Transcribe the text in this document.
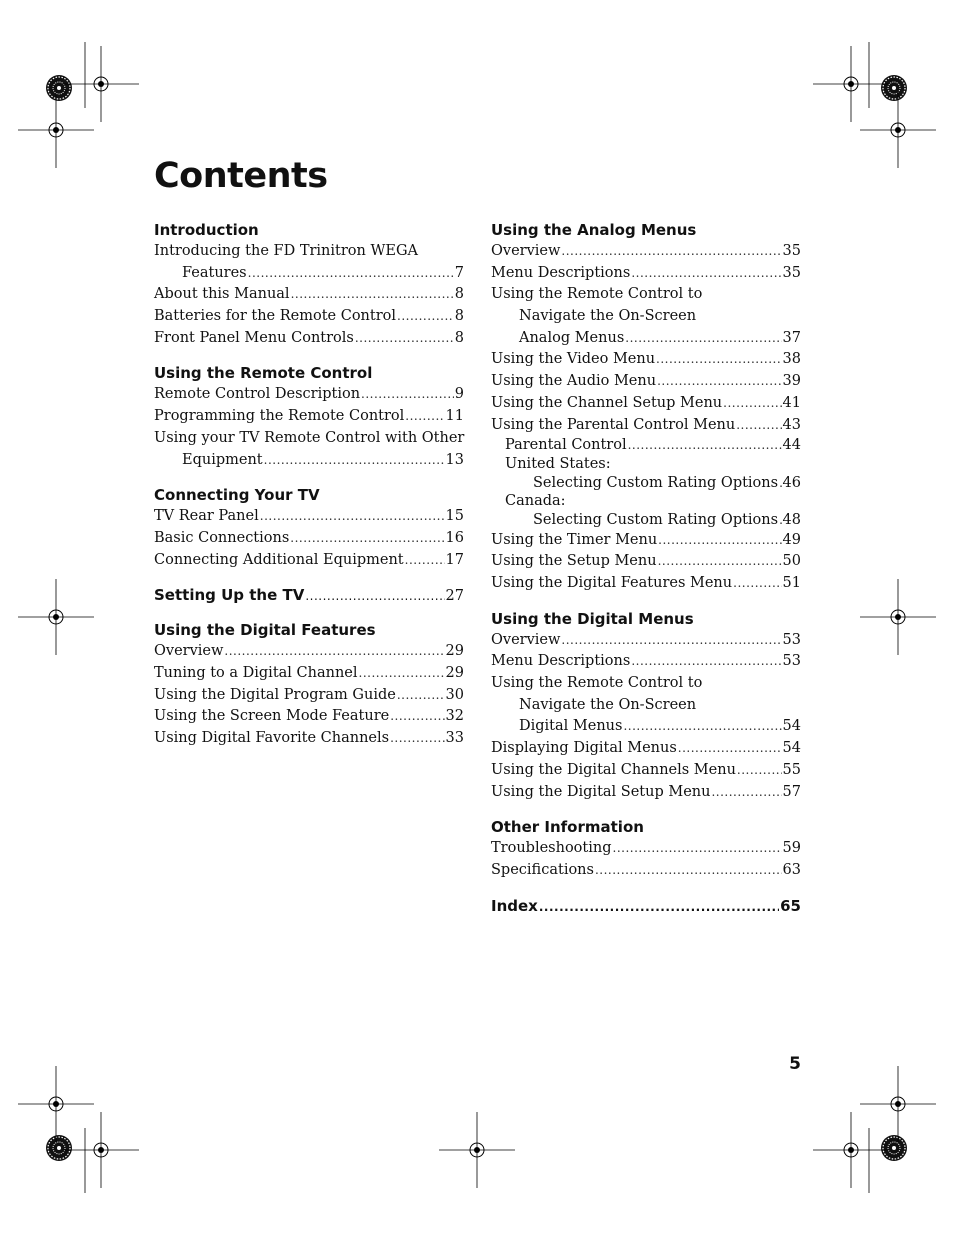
Contents
Introduction
Introducing the FD Trinitron WEGA
Features .....	7
About this Manual .....	8
Batteries for the Remote Control .....	8
Front Panel Menu Controls .....	8
Using the Remote Control
Remote Control Description .....	9
Programming the Remote Control .....	11
Using your TV Remote Control with Other
Equipment .....	13
Connecting Your TV
TV Rear Panel .....	15
Basic Connections .....	16
Connecting Additional Equipment .....	17
Setting Up the TV .....	27
Using the Digital Features
Overview .....	29
Tuning to a Digital Channel .....	29
Using the Digital Program Guide .....	30
Using the Screen Mode Feature .....	32
Using Digital Favorite Channels .....	33
Using the Analog Menus
Overview .....	35
Menu Descriptions .....	35
Using the Remote Control to
Navigate the On-Screen
Analog Menus .....	37
Using the Video Menu .....	38
Using the Audio Menu .....	39
Using the Channel Setup Menu .....	41
Using the Parental Control Menu .....	43
Parental Control .....	44
United States:
Selecting Custom Rating Options ..... 46
Canada:
Selecting Custom Rating Options ..... 48
Using the Timer Menu .....	49
Using the Setup Menu .....	50
Using the Digital Features Menu .....	51
Using the Digital Menus
Overview .....	53
Menu Descriptions .....	53
Using the Remote Control to
Navigate the On-Screen
Digital Menus .....	54
Displaying Digital Menus .....	54
Using the Digital Channels Menu .....	55
Using the Digital Setup Menu .....	57
Other Information
Troubleshooting .....	59
Specifications .....	63
Index .....	65
5
